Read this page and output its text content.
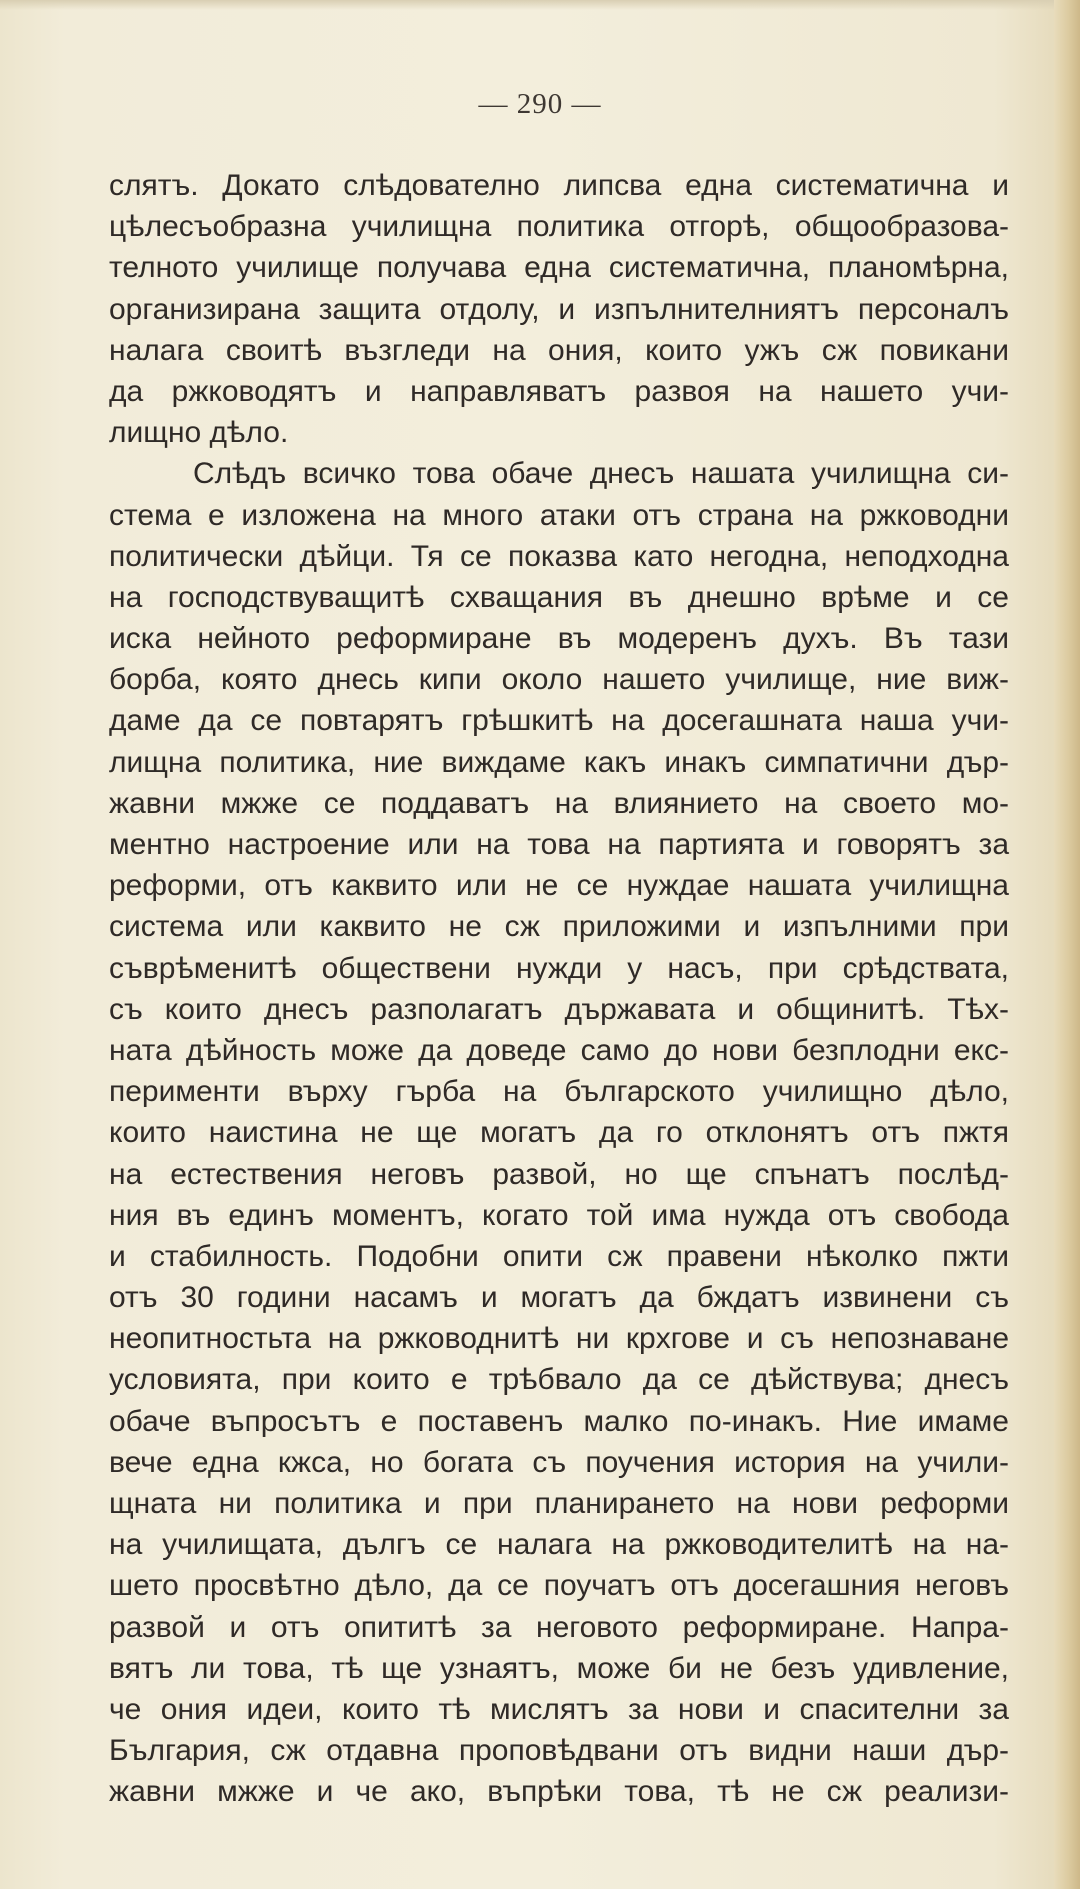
— 290 —
слятъ. Докато слѣдователно липсва една систематична и
цѣлесъобразна училищна политика отгорѣ, общообразова-
телното училище получава една систематична, планомѣрна,
организирана защита отдолу, и изпълнителниятъ персоналъ
налага своитѣ възгледи на ония, които ужъ сж повикани
да ржководятъ и направляватъ развоя на нашето учи-
лищно дѣло.
Слѣдъ всичко това обаче днесъ нашата училищна си-
стема е изложена на много атаки отъ страна на ржководни
политически дѣйци. Тя се показва като негодна, неподходна
на господствуващитѣ схващания въ днешно врѣме и се
иска нейното реформиране въ модеренъ духъ. Въ тази
борба, която днесь кипи около нашето училище, ние виж-
даме да се повтарятъ грѣшкитѣ на досегашната наша учи-
лищна политика, ние виждаме какъ инакъ симпатични дър-
жавни мжже се поддаватъ на влиянието на своето мо-
ментно настроение или на това на партията и говорятъ за
реформи, отъ каквито или не се нуждае нашата училищна
система или каквито не сж приложими и изпълними при
съврѣменитѣ обществени нужди у насъ, при срѣдствата,
съ които днесъ разполагатъ държавата и общинитѣ. Тѣх-
ната дѣйность може да доведе само до нови безплодни екс-
перименти върху гърба на българското училищно дѣло,
които наистина не ще могатъ да го отклонятъ отъ пжтя
на естествения неговъ развой, но ще спънатъ послѣд-
ния въ единъ моментъ, когато той има нужда отъ свобода
и стабилность. Подобни опити сж правени нѣколко пжти
отъ 30 години насамъ и могатъ да бждатъ извинени съ
неопитностьта на ржководнитѣ ни крxгове и съ непознаване
условията, при които е трѣбвало да се дѣйствува; днесъ
обаче въпросътъ е поставенъ малко по-инакъ. Ние имаме
вече една кжса, но богата съ поучения история на учили-
щната ни политика и при планирането на нови реформи
на училищата, дългъ се налага на ржководителитѣ на на-
шето просвѣтно дѣло, да се поучатъ отъ досегашния неговъ
развой и отъ опититѣ за неговото реформиране. Напра-
вятъ ли това, тѣ ще узнаятъ, може би не безъ удивление,
че ония идеи, които тѣ мислятъ за нови и спасителни за
България, сж отдавна проповѣдвани отъ видни наши дър-
жавни мжже и че ако, въпрѣки това, тѣ не сж реализи-
